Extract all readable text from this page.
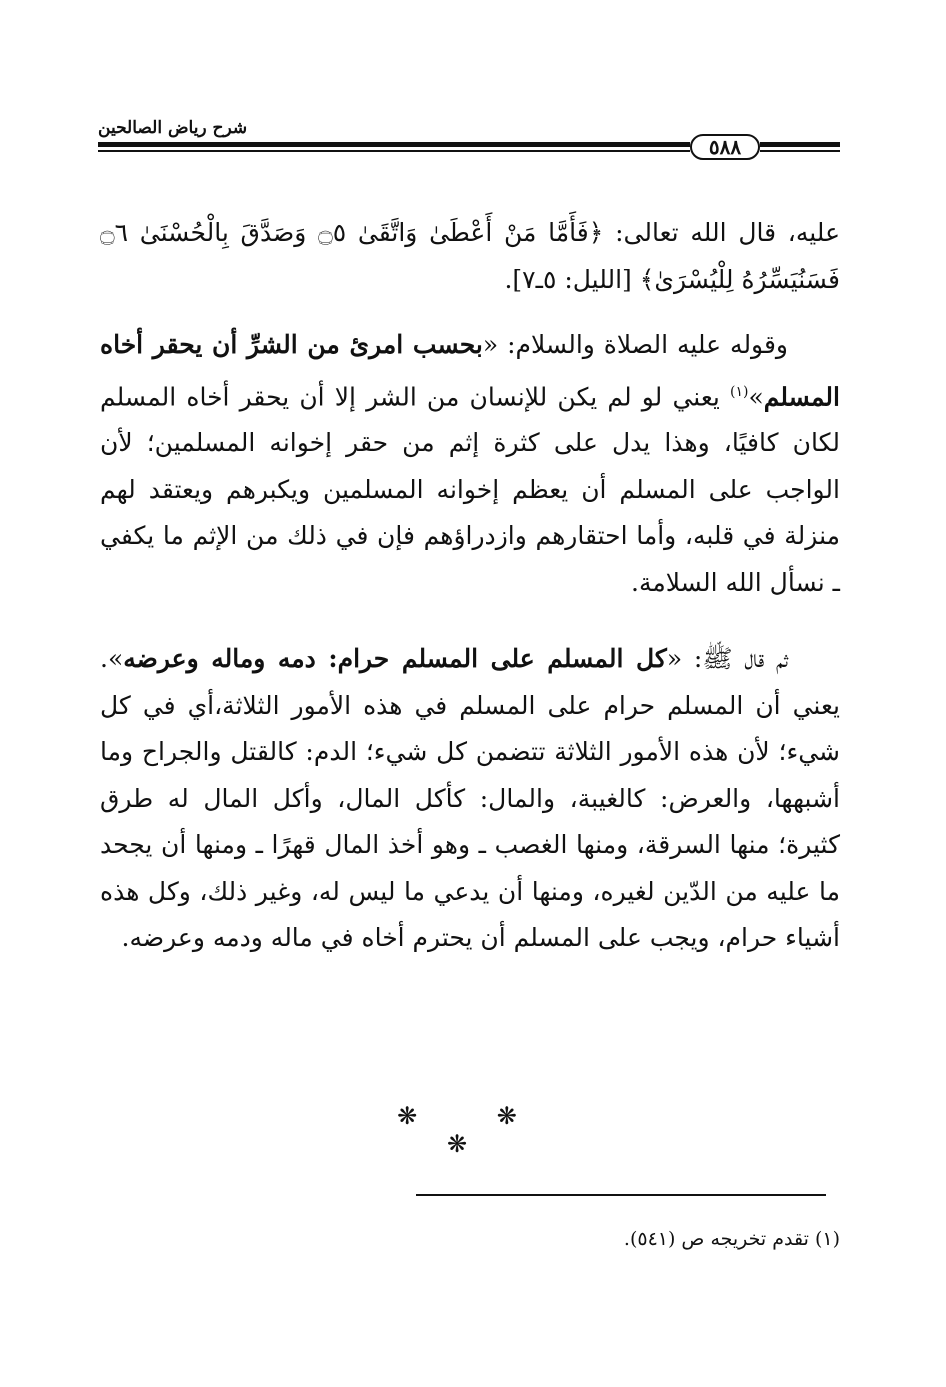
شرح رياض الصالحين
٥٨٨

عليه، قال الله تعالى: ﴿فَأَمَّا مَنْ أَعْطَىٰ وَاتَّقَىٰ ۝٥ وَصَدَّقَ بِالْحُسْنَىٰ ۝٦ فَسَنُيَسِّرُهُ لِلْيُسْرَىٰ﴾ [الليل: ٥ـ٧].

وقوله عليه الصلاة والسلام: «بحسب امرئ من الشرِّ أن يحقر أخاه المسلم»$^{(١)}$ يعني لو لم يكن للإنسان من الشر إلا أن يحقر أخاه المسلم لكان كافيًا، وهذا يدل على كثرة إثم من حقر إخوانه المسلمين؛ لأن الواجب على المسلم أن يعظم إخوانه المسلمين ويكبرهم ويعتقد لهم منزلة في قلبه، وأما احتقارهم وازدراؤهم فإن في ذلك من الإثم ما يكفي ـ نسأل الله السلامة.

ثم قال ﷺ: «كل المسلم على المسلم حرام: دمه وماله وعرضه». يعني أن المسلم حرام على المسلم في هذه الأمور الثلاثة،أي في كل شيء؛ لأن هذه الأمور الثلاثة تتضمن كل شيء؛ الدم: كالقتل والجراح وما أشبهها، والعرض: كالغيبة، والمال: كأكل المال، وأكل المال له طرق كثيرة؛ منها السرقة، ومنها الغصب ـ وهو أخذ المال قهرًا ـ ومنها أن يجحد ما عليه من الدّين لغيره، ومنها أن يدعي ما ليس له، وغير ذلك، وكل هذه أشياء حرام، ويجب على المسلم أن يحترم أخاه في ماله ودمه وعرضه.

❋ ❋ ❋
(١) تقدم تخريجه ص (٥٤١).
